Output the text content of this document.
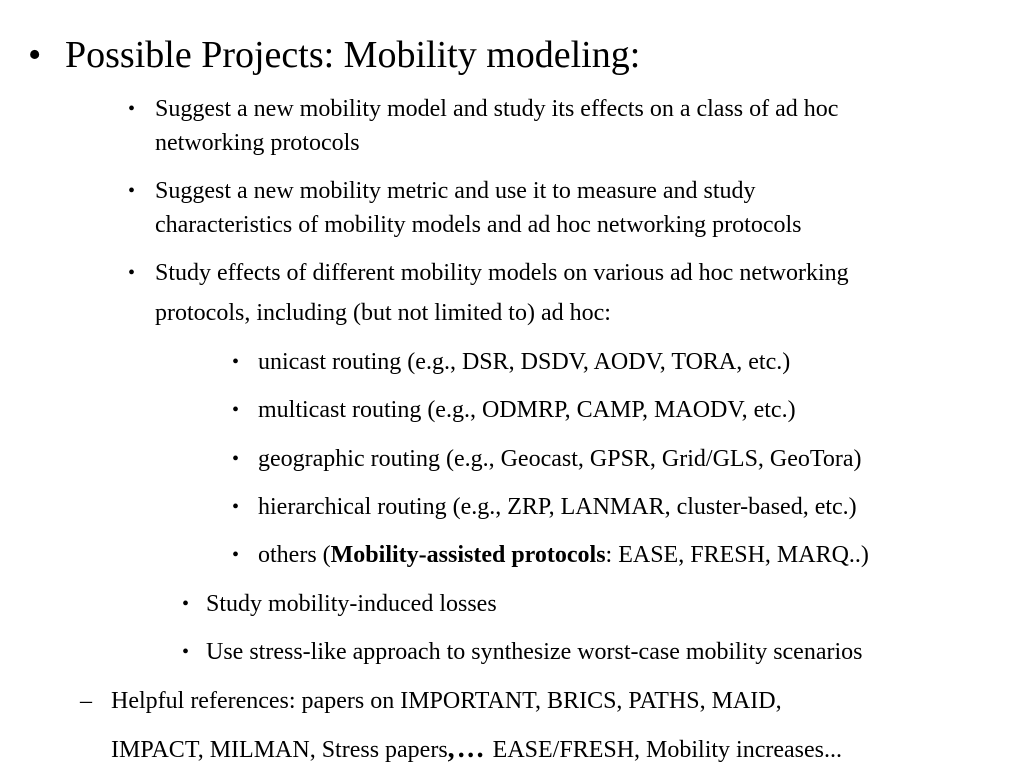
• Possible Projects: Mobility modeling:
• Suggest a new mobility model and study its effects on a class of ad hoc
networking protocols
• Suggest a new mobility metric and use it to measure and study
characteristics of mobility models and ad hoc networking protocols
• Study effects of different mobility models on various ad hoc networking
protocols, including (but not limited to) ad hoc:
• unicast routing (e.g., DSR, DSDV, AODV, TORA, etc.)
• multicast routing (e.g., ODMRP, CAMP, MAODV, etc.)
• geographic routing (e.g., Geocast, GPSR, Grid/GLS, GeoTora)
• hierarchical routing (e.g., ZRP, LANMAR, cluster-based, etc.)
• others (Mobility-assisted protocols: EASE, FRESH, MARQ..)
• Study mobility-induced losses
• Use stress-like approach to synthesize worst-case mobility scenarios
– Helpful references: papers on IMPORTANT, BRICS, PATHS, MAID,
IMPACT, MILMAN, Stress papers,… EASE/FRESH, Mobility increases...
